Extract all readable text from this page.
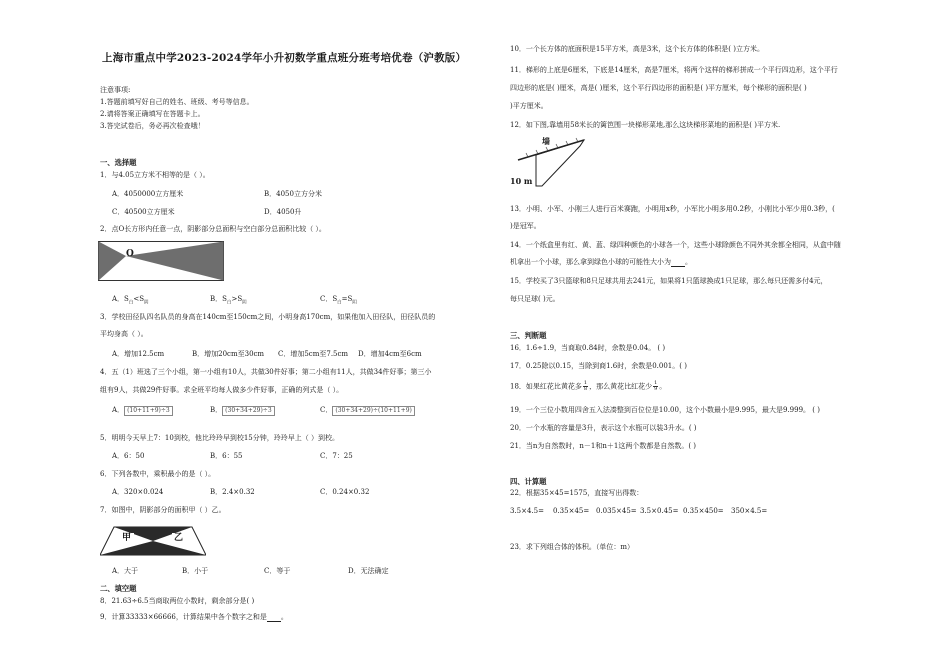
上海市重点中学2023-2024学年小升初数学重点班分班考培优卷（沪教版）
注意事项:
1.答题前填写好自己的姓名、班级、考号等信息。
2.请将答案正确填写在答题卡上。
3.答完试卷后，务必再次检查哦！
一、选择题
1．与4.05立方米不相等的是（ ）。
A．4050000立方厘米	B．4050立方分米
C．40500立方厘米	D．4050升
2．点O长方形内任意一点，阴影部分总面积与空白部分总面积比较（ ）。
O
A．$S_白<S_阴$	B．$S_白>S_阴$	C．$S_白=S_阴$
3．学校田径队四名队员的身高在140cm至150cm之间，小明身高170cm，如果他加入田径队，田径队员的
平均身高（ ）。
A．增加12.5cm	B．增加20cm至30cm C．增加5cm至7.5cm D．增加4cm至6cm
4．五（1）班选了三个小组，第一小组有10人，共做30件好事；第二小组有11人，共做34件好事；第三小
组有9人，共做29件好事。求全班平均每人做多少件好事，正确的列式是（ ）。
A． (10+11+9)÷3	B． (30+34+29)÷3	C． (30+34+29)÷(10+11+9)
5．明明今天早上7：10到校，他比玲玲早到校15分钟，玲玲早上（ ）到校。
A．6：50	B．6：55	C．7：25
6．下列各数中，乘积最小的是（ ）。
A．320×0.024	B．2.4×0.32	C．0.24×0.32
7．如图中，阴影部分的面积甲（ ）乙。
甲	乙
A．大于	B．小于	C．等于	D．无法确定
二、填空题
8．21.63÷6.5当商取两位小数时，剩余部分是( )
9．计算33333×66666，计算结果中各个数字之和是 。
10．一个长方体的底面积是15平方米，高是3米，这个长方体的体积是( )立方米。
11．梯形的上底是6厘米，下底是14厘米，高是7厘米，将两个这样的梯形拼成一个平行四边形，这个平行
四边形的底是( )厘米，高是( )厘米，这个平行四边形的面积是( )平方厘米，每个梯形的面积是( )
)平方厘米。
12．如下图,靠墙用58米长的篱笆围一块梯形菜地,那么这块梯形菜地的面积是( )平方米.
墙
10 m
13．小明、小军、小刚三人进行百米赛跑，小明用x秒，小军比小明多用0.2秒，小刚比小军少用0.3秒，(
)是冠军。
14．一个纸盒里有红、黄、蓝、绿四种颜色的小球各一个，这些小球除颜色不同外其余都全相同，从盒中随
机拿出一个小球，那么拿到绿色小球的可能性大小为 。
15．学校买了3只篮球和8只足球共用去241元，如果将1只篮球换成1只足球，那么每只还需多付4元，
每只足球( )元。
三、判断题
16．1.6÷1.9，当商取0.84时，余数是0.04。 ( )
17．0.25除以0.15，当除到商1.6时，余数是0.001。( )
18．如果红花比黄花多 $\frac{1}{8}$ ，那么黄花比红花少 $\frac{1}{9}$ 。
19．一个三位小数用四舍五入法凑整到百位位是10.00，这个小数最小是9.995，最大是9.999。 ( )
20．一个水瓶的容量是3升，表示这个水瓶可以装3升水。( )
21．当n为自然数时，n－1和n＋1这两个数都是自然数。( )
四、计算题
22．根据35×45=1575，直接写出得数：
3.5×4.5= 0.35×45= 0.035×45= 3.5×0.45= 0.35×450= 350×4.5=
23．求下列组合体的体积。（单位：m）
